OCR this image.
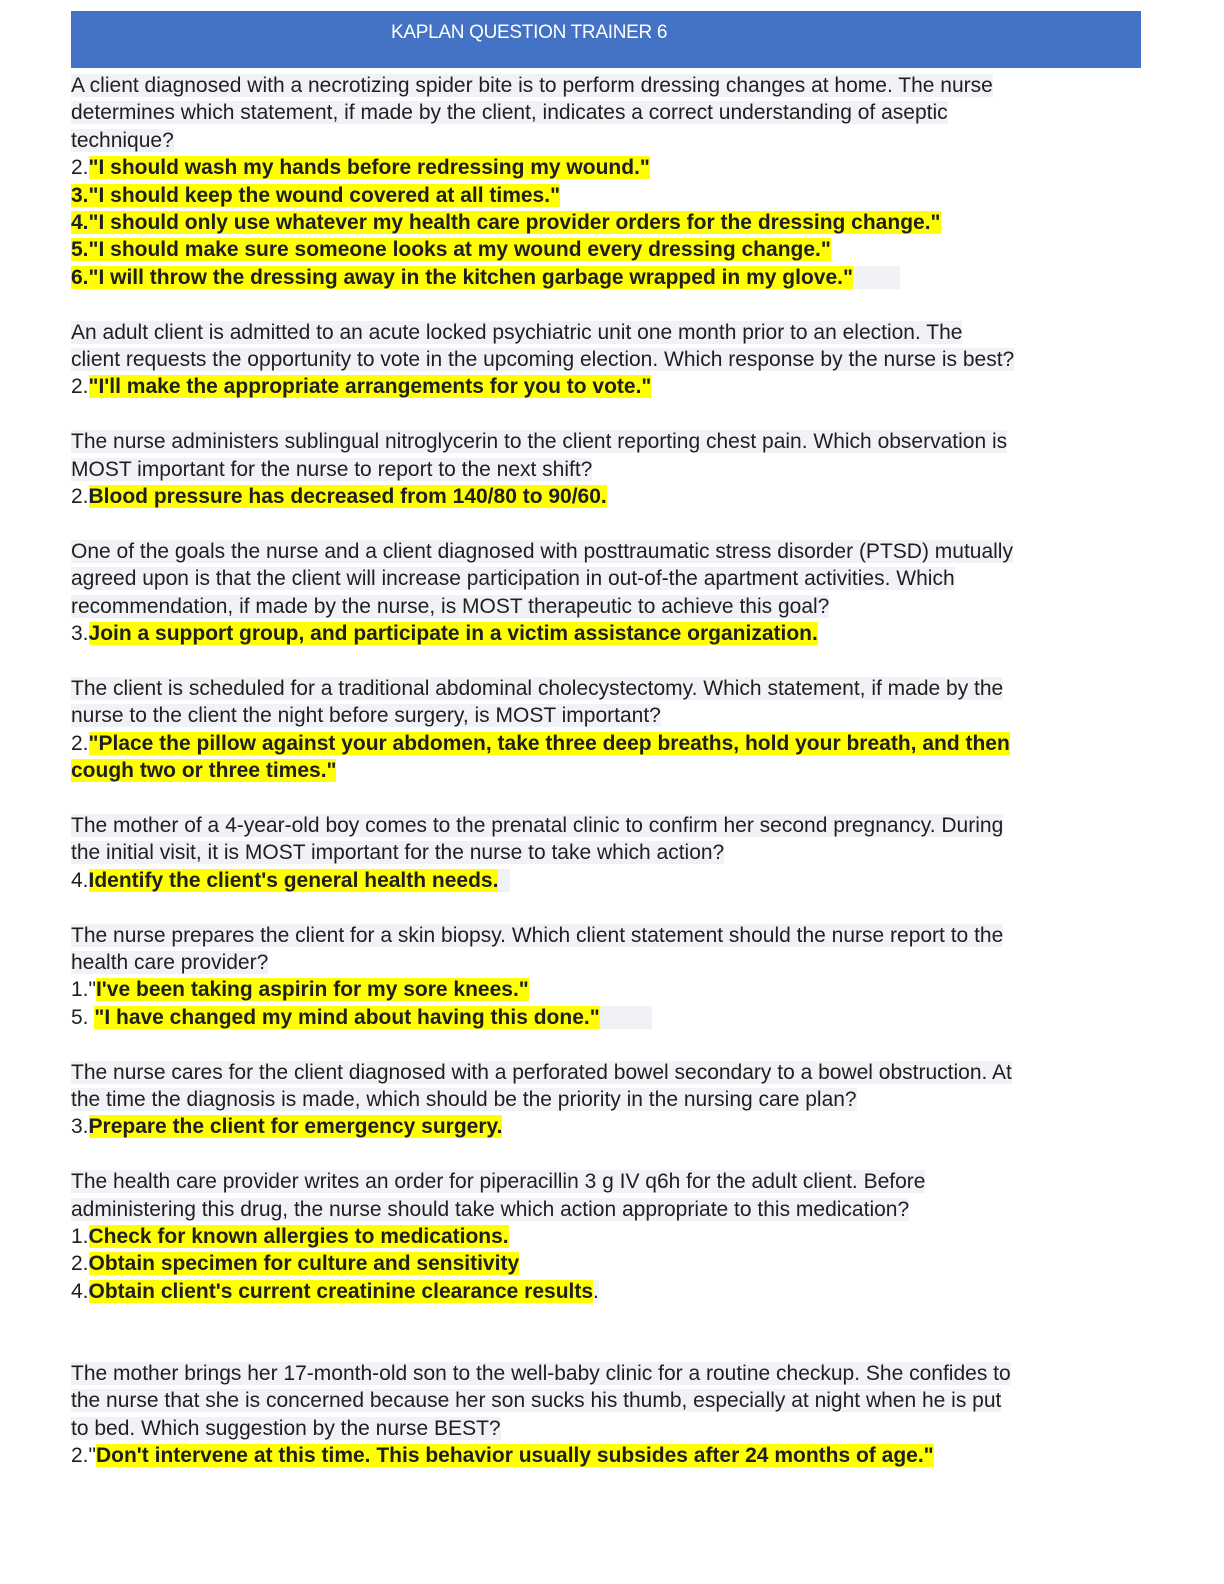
KAPLAN QUESTION TRAINER 6
A client diagnosed with a necrotizing spider bite is to perform dressing changes at home. The nurse
determines which statement, if made by the client, indicates a correct understanding of aseptic
technique?
2."I should wash my hands before redressing my wound."
3."I should keep the wound covered at all times."
4."I should only use whatever my health care provider orders for the dressing change."
5."I should make sure someone looks at my wound every dressing change."
6."I will throw the dressing away in the kitchen garbage wrapped in my glove."
An adult client is admitted to an acute locked psychiatric unit one month prior to an election. The
client requests the opportunity to vote in the upcoming election. Which response by the nurse is best?
2."I'll make the appropriate arrangements for you to vote."
The nurse administers sublingual nitroglycerin to the client reporting chest pain. Which observation is
MOST important for the nurse to report to the next shift?
2.Blood pressure has decreased from 140/80 to 90/60.
One of the goals the nurse and a client diagnosed with posttraumatic stress disorder (PTSD) mutually
agreed upon is that the client will increase participation in out-of-the apartment activities. Which
recommendation, if made by the nurse, is MOST therapeutic to achieve this goal?
3.Join a support group, and participate in a victim assistance organization.
The client is scheduled for a traditional abdominal cholecystectomy. Which statement, if made by the
nurse to the client the night before surgery, is MOST important?
2."Place the pillow against your abdomen, take three deep breaths, hold your breath, and then
cough two or three times."
The mother of a 4-year-old boy comes to the prenatal clinic to confirm her second pregnancy. During
the initial visit, it is MOST important for the nurse to take which action?
4.Identify the client's general health needs.
The nurse prepares the client for a skin biopsy. Which client statement should the nurse report to the
health care provider?
1."I've been taking aspirin for my sore knees."
5. "I have changed my mind about having this done."
The nurse cares for the client diagnosed with a perforated bowel secondary to a bowel obstruction. At
the time the diagnosis is made, which should be the priority in the nursing care plan?
3.Prepare the client for emergency surgery.
The health care provider writes an order for piperacillin 3 g IV q6h for the adult client. Before
administering this drug, the nurse should take which action appropriate to this medication?
1.Check for known allergies to medications.
2.Obtain specimen for culture and sensitivity
4.Obtain client's current creatinine clearance results.
The mother brings her 17-month-old son to the well-baby clinic for a routine checkup. She confides to
the nurse that she is concerned because her son sucks his thumb, especially at night when he is put
to bed. Which suggestion by the nurse BEST?
2."Don't intervene at this time. This behavior usually subsides after 24 months of age."
